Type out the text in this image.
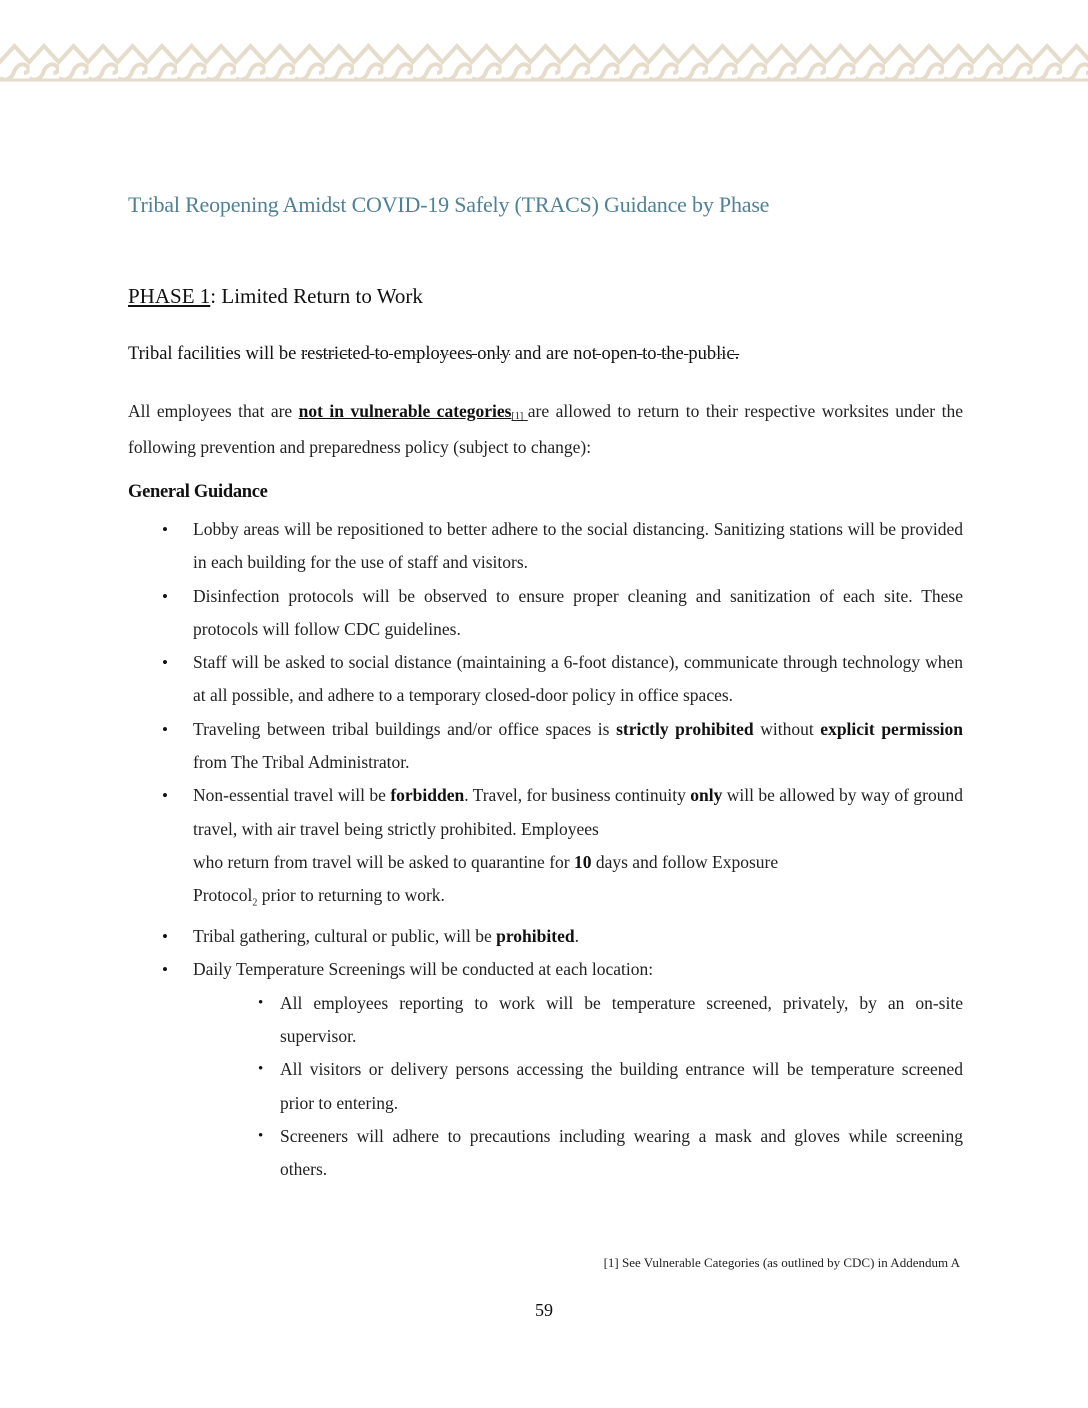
Tribal Reopening Amidst COVID-19 Safely (TRACS) Guidance by Phase
PHASE 1: Limited Return to Work
Tribal facilities will be restricted to employees only and are not open to the public.
All employees that are not in vulnerable categories[1] are allowed to return to their respective worksites under the following prevention and preparedness policy (subject to change):
General Guidance
• Lobby areas will be repositioned to better adhere to the social distancing. Sanitizing stations will be provided in each building for the use of staff and visitors.
• Disinfection protocols will be observed to ensure proper cleaning and sanitization of each site. These protocols will follow CDC guidelines.
• Staff will be asked to social distance (maintaining a 6-foot distance), communicate through technology when at all possible, and adhere to a temporary closed-door policy in office spaces.
• Traveling between tribal buildings and/or office spaces is strictly prohibited without explicit permission from The Tribal Administrator.
• Non-essential travel will be forbidden. Travel, for business continuity only will be allowed by way of ground travel, with air travel being strictly prohibited. Employees
who return from travel will be asked to quarantine for 10 days and follow Exposure
Protocol$_2$ prior to returning to work.
• Tribal gathering, cultural or public, will be prohibited.
• Daily Temperature Screenings will be conducted at each location:
• All employees reporting to work will be temperature screened, privately, by an on-site supervisor.
• All visitors or delivery persons accessing the building entrance will be temperature screened prior to entering.
• Screeners will adhere to precautions including wearing a mask and gloves while screening others.
[1] See Vulnerable Categories (as outlined by CDC) in Addendum A
59
